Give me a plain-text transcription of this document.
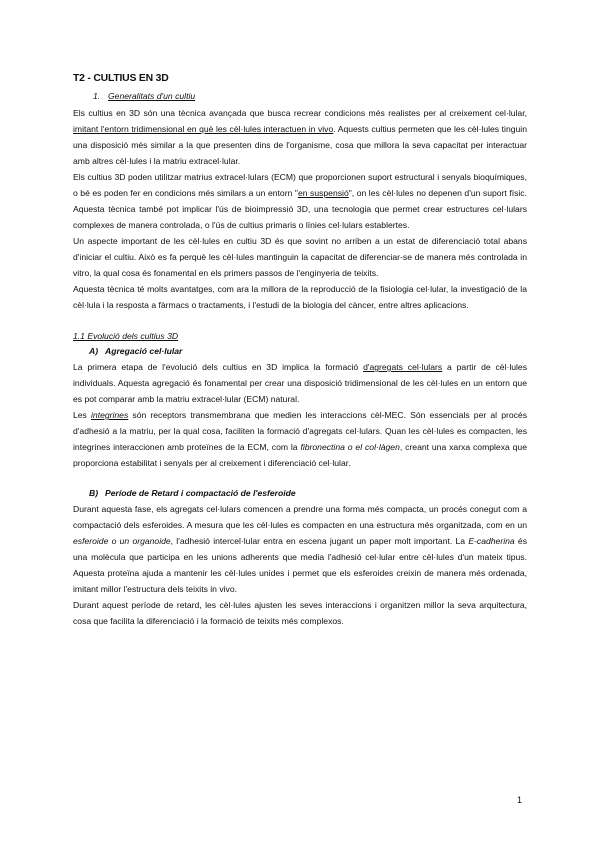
T2 - CULTIUS EN 3D
1. Generalitats d'un cultiu

Els cultius en 3D són una tècnica avançada que busca recrear condicions més realistes per al creixement cel·lular, imitant l'entorn tridimensional en què les cèl·lules interactuen in vivo. Aquests cultius permeten que les cèl·lules tinguin una disposició més similar a la que presenten dins de l'organisme, cosa que millora la seva capacitat per interactuar amb altres cèl·lules i la matriu extracel·lular.

Els cultius 3D poden utilitzar matrius extracel·lulars (ECM) que proporcionen suport estructural i senyals bioquímiques, o bé es poden fer en condicions més similars a un entorn "en suspensió", on les cèl·lules no depenen d'un suport físic. Aquesta tècnica també pot implicar l'ús de bioimpressió 3D, una tecnologia que permet crear estructures cel·lulars complexes de manera controlada, o l'ús de cultius primaris o línies cel·lulars establertes.

Un aspecte important de les cèl·lules en cultiu 3D és que sovint no arriben a un estat de diferenciació total abans d'iniciar el cultiu. Això es fa perquè les cèl·lules mantinguin la capacitat de diferenciar-se de manera més controlada in vitro, la qual cosa és fonamental en els primers passos de l'enginyeria de teixits.

Aquesta tècnica té molts avantatges, com ara la millora de la reproducció de la fisiologia cel·lular, la investigació de la cèl·lula i la resposta a fàrmacs o tractaments, i l'estudi de la biologia del càncer, entre altres aplicacions.

1.1 Evolució dels cultius 3D
A) Agregació cel·lular

La primera etapa de l'evolució dels cultius en 3D implica la formació d'agregats cel·lulars a partir de cèl·lules individuals. Aquesta agregació és fonamental per crear una disposició tridimensional de les cèl·lules en un entorn que es pot comparar amb la matriu extracel·lular (ECM) natural.

Les integrines són receptors transmembrana que medien les interaccions cèl-MEC. Són essencials per al procés d'adhesió a la matriu, per la qual cosa, faciliten la formació d'agregats cel·lulars. Quan les cèl·lules es compacten, les integrines interaccionen amb proteïnes de la ECM, com la fibronectina o el col·làgen, creant una xarxa complexa que proporciona estabilitat i senyals per al creixement i diferenciació cel·lular.

B) Període de Retard i compactació de l'esferoide

Durant aquesta fase, els agregats cel·lulars comencen a prendre una forma més compacta, un procés conegut com a compactació dels esferoides. A mesura que les cèl·lules es compacten en una estructura més organitzada, com en un esferoide o un organoide, l'adhesió intercel·lular entra en escena jugant un paper molt important. La E-cadherina és una molècula que participa en les unions adherents que media l'adhesió cel·lular entre cèl·lules d'un mateix tipus. Aquesta proteïna ajuda a mantenir les cèl·lules unides i permet que els esferoides creixin de manera més ordenada, imitant millor l'estructura dels teixits in vivo.

Durant aquest període de retard, les cèl·lules ajusten les seves interaccions i organitzen millor la seva arquitectura, cosa que facilita la diferenciació i la formació de teixits més complexos.

1
